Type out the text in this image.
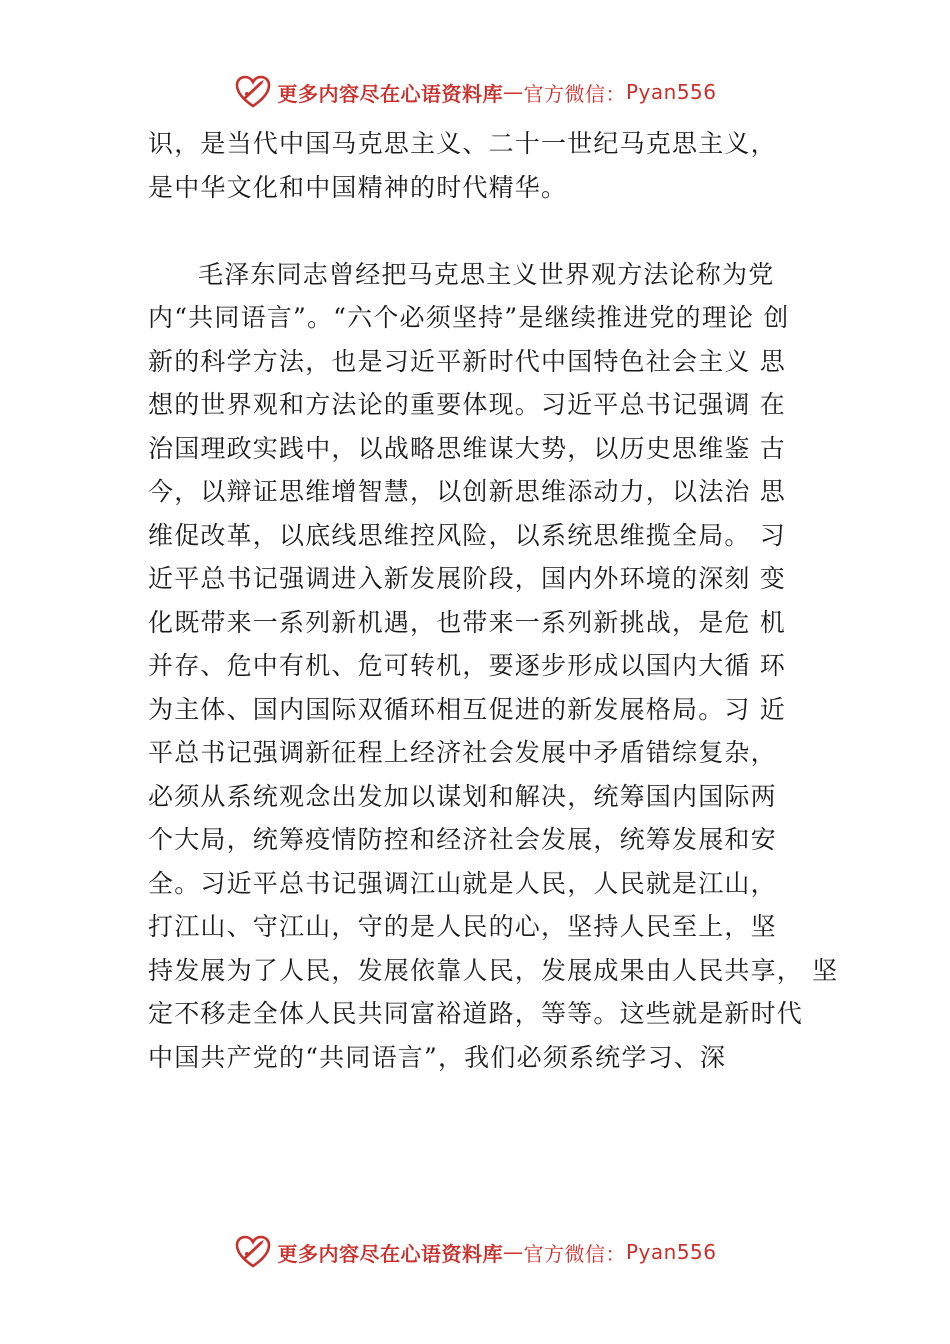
更多内容尽在心语资料库 — 官方微信： Pyan556
识，是当代中国马克思主义、二十一世纪马克思主义，
是中华文化和中国精神的时代精华。
毛泽东同志曾经把马克思主义世界观方法论称为党
内“共同语言”。“六个必须坚持”是继续推进党的理论 创
新的科学方法，也是习近平新时代中国特色社会主义 思
想的世界观和方法论的重要体现。习近平总书记强调 在
治国理政实践中，以战略思维谋大势，以历史思维鉴 古
今，以辩证思维增智慧，以创新思维添动力，以法治 思
维促改革，以底线思维控风险，以系统思维揽全局。 习
近平总书记强调进入新发展阶段，国内外环境的深刻 变
化既带来一系列新机遇，也带来一系列新挑战，是危 机
并存、危中有机、危可转机，要逐步形成以国内大循 环
为主体、国内国际双循环相互促进的新发展格局。习 近
平总书记强调新征程上经济社会发展中矛盾错综复杂，
必须从系统观念出发加以谋划和解决，统筹国内国际两
个大局，统筹疫情防控和经济社会发展，统筹发展和安
全。习近平总书记强调江山就是人民，人民就是江山，
打江山、守江山，守的是人民的心，坚持人民至上，坚
持发展为了人民，发展依靠人民，发展成果由人民共享， 坚
定不移走全体人民共同富裕道路，等等。这些就是新时代
中国共产党的“共同语言”，我们必须系统学习、深
更多内容尽在心语资料库 — 官方微信： Pyan556
